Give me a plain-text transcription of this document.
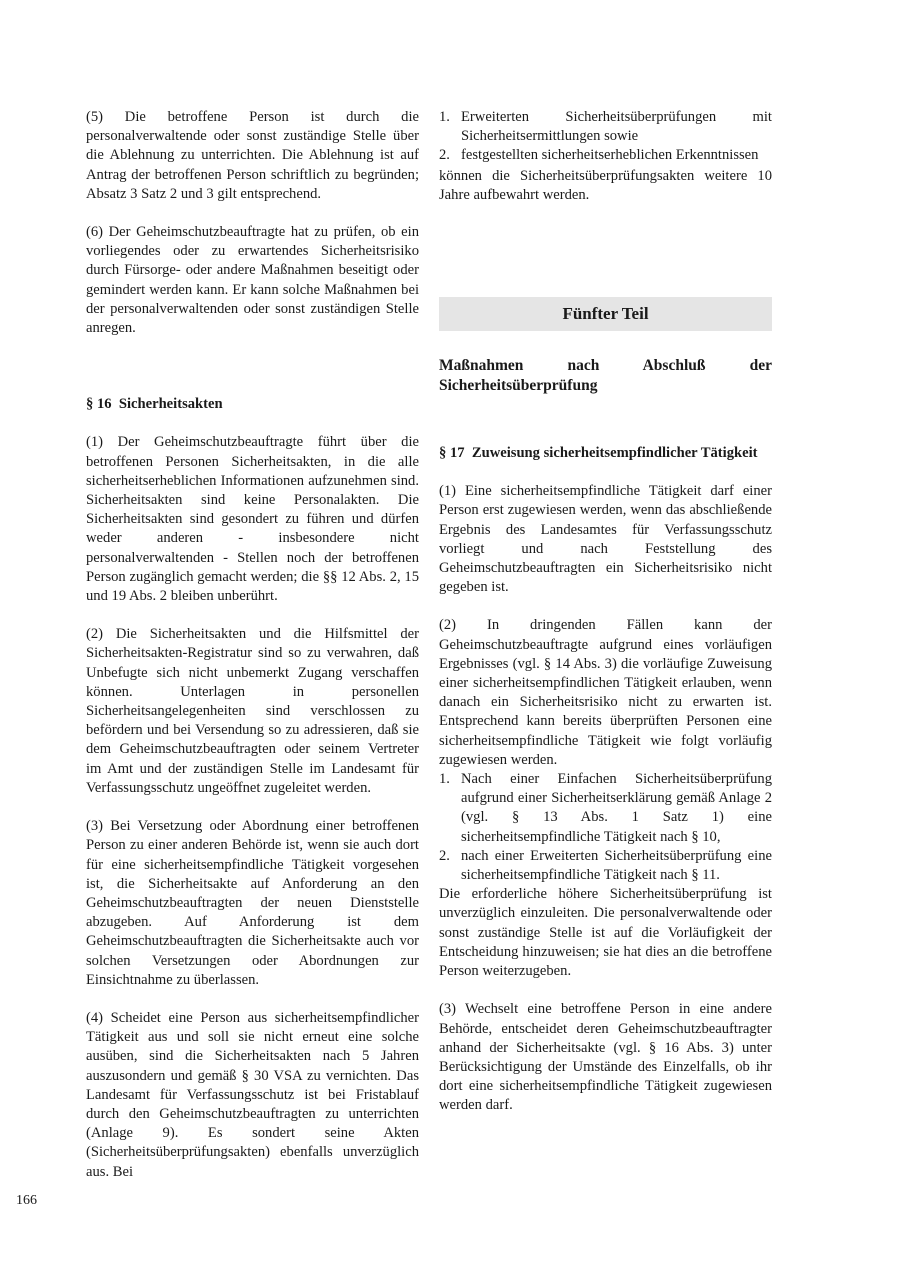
(5) Die betroffene Person ist durch die personalverwaltende oder sonst zuständige Stelle über die Ablehnung zu unterrichten. Die Ablehnung ist auf Antrag der betroffenen Person schriftlich zu begründen; Absatz 3 Satz 2 und 3 gilt entsprechend.

(6) Der Geheimschutzbeauftragte hat zu prüfen, ob ein vorliegendes oder zu erwartendes Sicherheitsrisiko durch Fürsorge- oder andere Maßnahmen beseitigt oder gemindert werden kann. Er kann solche Maßnahmen bei der personalverwaltenden oder sonst zuständigen Stelle anregen.

§ 16
Sicherheitsakten

(1) Der Geheimschutzbeauftragte führt über die betroffenen Personen Sicherheitsakten, in die alle sicherheitserheblichen Informationen aufzunehmen sind. Sicherheitsakten sind keine Personalakten. Die Sicherheitsakten sind gesondert zu führen und dürfen weder anderen - insbesondere nicht personalverwaltenden - Stellen noch der betroffenen Person zugänglich gemacht werden; die §§ 12 Abs. 2, 15 und 19 Abs. 2 bleiben unberührt.

(2) Die Sicherheitsakten und die Hilfsmittel der Sicherheitsakten-Registratur sind so zu verwahren, daß Unbefugte sich nicht unbemerkt Zugang verschaffen können. Unterlagen in personellen Sicherheitsangelegenheiten sind verschlossen zu befördern und bei Versendung so zu adressieren, daß sie dem Geheimschutzbeauftragten oder seinem Vertreter im Amt und der zuständigen Stelle im Landesamt für Verfassungsschutz ungeöffnet zugeleitet werden.

(3) Bei Versetzung oder Abordnung einer betroffenen Person zu einer anderen Behörde ist, wenn sie auch dort für eine sicherheitsempfindliche Tätigkeit vorgesehen ist, die Sicherheitsakte auf Anforderung an den Geheimschutzbeauftragten der neuen Dienststelle abzugeben. Auf Anforderung ist dem Geheimschutzbeauftragten die Sicherheitsakte auch vor solchen Versetzungen oder Abordnungen zur Einsichtnahme zu überlassen.

(4) Scheidet eine Person aus sicherheitsempfindlicher Tätigkeit aus und soll sie nicht erneut eine solche ausüben, sind die Sicherheitsakten nach 5 Jahren auszusondern und gemäß § 30 VSA zu vernichten. Das Landesamt für Verfassungsschutz ist bei Fristablauf durch den Geheimschutzbeauftragten zu unterrichten (Anlage 9). Es sondert seine Akten (Sicherheitsüberprüfungsakten) ebenfalls unverzüglich aus. Bei

1. Erweiterten Sicherheitsüberprüfungen mit Sicherheitsermittlungen sowie
2. festgestellten sicherheitserheblichen Erkenntnissen

können die Sicherheitsüberprüfungsakten weitere 10 Jahre aufbewahrt werden.

Fünfter Teil

Maßnahmen nach Abschluß der Sicherheitsüberprüfung

§ 17
Zuweisung sicherheitsempfindlicher Tätigkeit

(1) Eine sicherheitsempfindliche Tätigkeit darf einer Person erst zugewiesen werden, wenn das abschließende Ergebnis des Landesamtes für Verfassungsschutz vorliegt und nach Feststellung des Geheimschutzbeauftragten ein Sicherheitsrisiko nicht gegeben ist.

(2) In dringenden Fällen kann der Geheimschutzbeauftragte aufgrund eines vorläufigen Ergebnisses (vgl. § 14 Abs. 3) die vorläufige Zuweisung einer sicherheitsempfindlichen Tätigkeit erlauben, wenn danach ein Sicherheitsrisiko nicht zu erwarten ist. Entsprechend kann bereits überprüften Personen eine sicherheitsempfindliche Tätigkeit wie folgt vorläufig zugewiesen werden.

1. Nach einer Einfachen Sicherheitsüberprüfung aufgrund einer Sicherheitserklärung gemäß Anlage 2 (vgl. § 13 Abs. 1 Satz 1) eine sicherheitsempfindliche Tätigkeit nach § 10,
2. nach einer Erweiterten Sicherheitsüberprüfung eine sicherheitsempfindliche Tätigkeit nach § 11.

Die erforderliche höhere Sicherheitsüberprüfung ist unverzüglich einzuleiten. Die personalverwaltende oder sonst zuständige Stelle ist auf die Vorläufigkeit der Entscheidung hinzuweisen; sie hat dies an die betroffene Person weiterzugeben.

(3) Wechselt eine betroffene Person in eine andere Behörde, entscheidet deren Geheimschutzbeauftragter anhand der Sicherheitsakte (vgl. § 16 Abs. 3) unter Berücksichtigung der Umstände des Einzelfalls, ob ihr dort eine sicherheitsempfindliche Tätigkeit zugewiesen werden darf.

166
